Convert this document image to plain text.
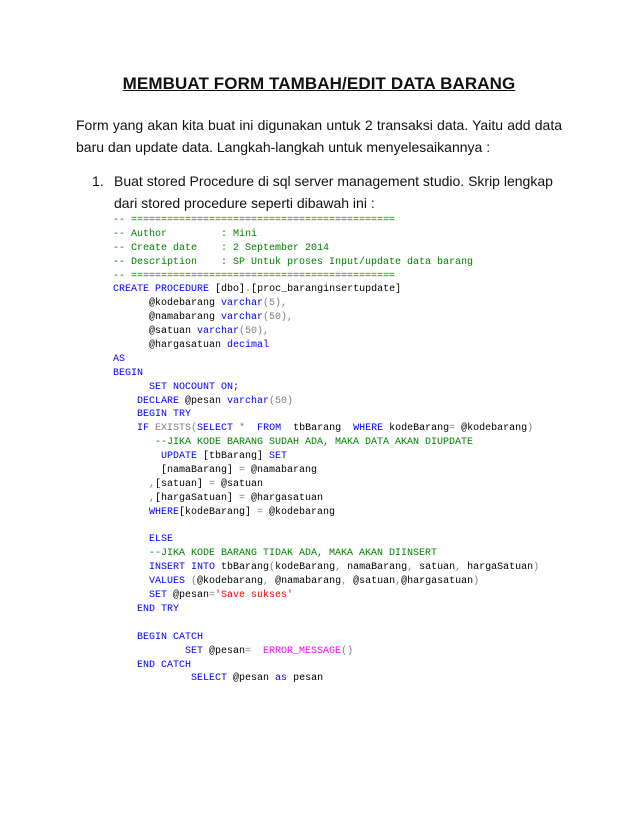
MEMBUAT FORM TAMBAH/EDIT DATA BARANG
Form yang akan kita buat ini digunakan untuk 2 transaksi data. Yaitu add data baru dan update data. Langkah-langkah untuk menyelesaikannya :
1. Buat stored Procedure di sql server management studio. Skrip lengkap dari stored procedure seperti dibawah ini :
-- ============================================
-- Author         : Mini
-- Create date    : 2 September 2014
-- Description    : SP Untuk proses Input/update data barang
-- ============================================
CREATE PROCEDURE [dbo].[proc_baranginsertupdate]
@kodebarang varchar(5),
@namabarang varchar(50),
@satuan varchar(50),
@hargasatuan decimal
AS
BEGIN
SET NOCOUNT ON;
DECLARE @pesan varchar(50)
BEGIN TRY
IF EXISTS(SELECT *  FROM  tbBarang  WHERE kodeBarang= @kodebarang)
--JIKA KODE BARANG SUDAH ADA, MAKA DATA AKAN DIUPDATE
UPDATE [tbBarang] SET
[namaBarang] = @namabarang
,[satuan] = @satuan
,[hargaSatuan] = @hargasatuan
WHERE[kodeBarang] = @kodebarang
ELSE
--JIKA KODE BARANG TIDAK ADA, MAKA AKAN DIINSERT
INSERT INTO tbBarang(kodeBarang, namaBarang, satuan, hargaSatuan)
VALUES (@kodebarang, @namabarang, @satuan,@hargasatuan)
SET @pesan='Save sukses'
END TRY
BEGIN CATCH
SET @pesan=  ERROR_MESSAGE()
END CATCH
SELECT @pesan as pesan
